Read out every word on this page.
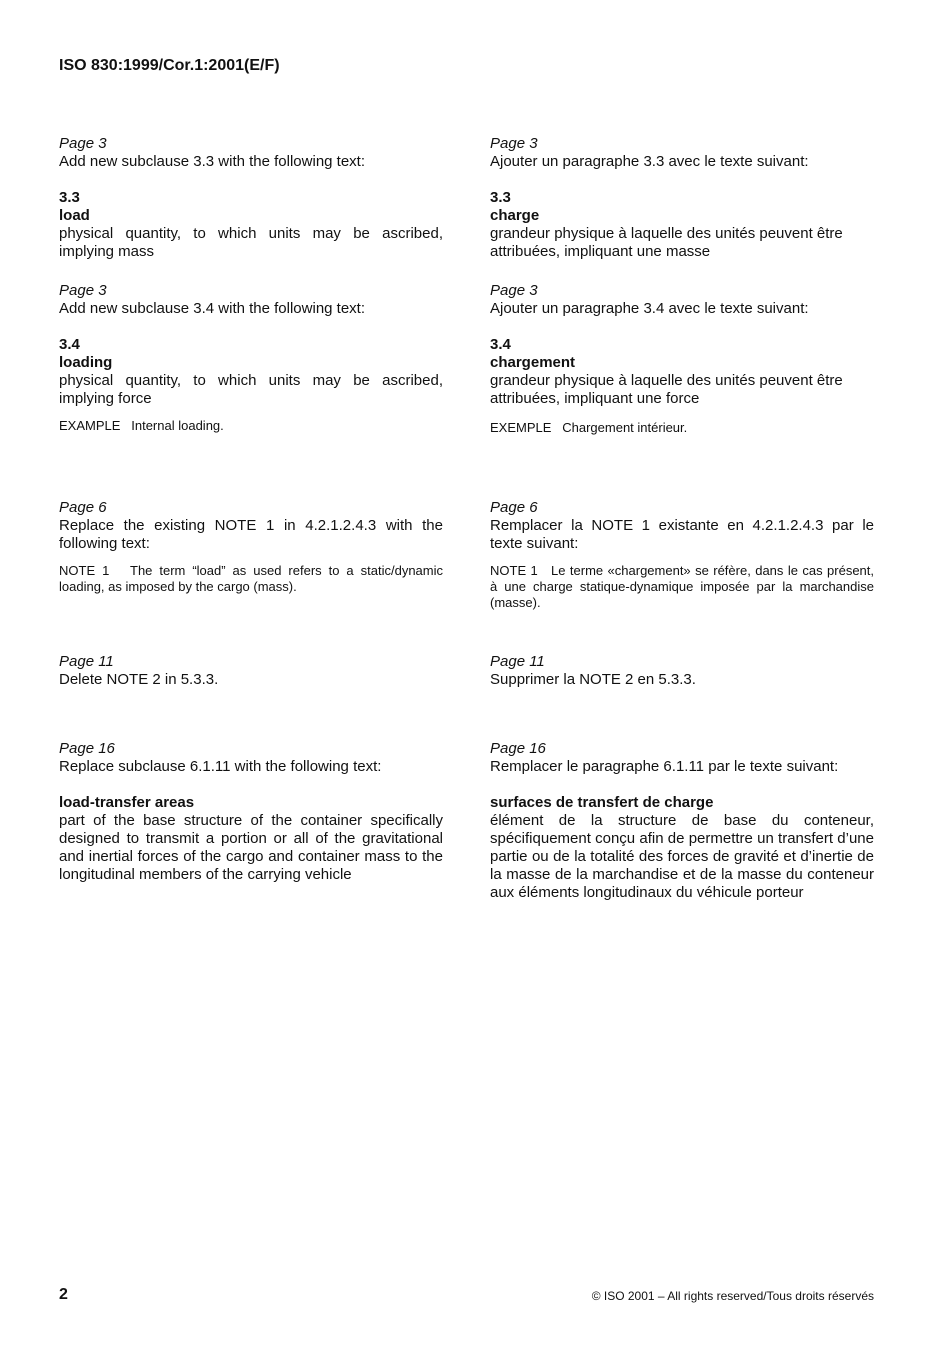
ISO 830:1999/Cor.1:2001(E/F)
Page 3
Add new subclause 3.3 with the following text:
3.3
load
physical quantity, to which units may be ascribed, implying mass
Page 3
Add new subclause 3.4 with the following text:
3.4
loading
physical quantity, to which units may be ascribed, implying force
EXAMPLE   Internal loading.
Page 6
Replace the existing NOTE 1 in 4.2.1.2.4.3 with the following text:
NOTE 1   The term “load” as used refers to a static/dynamic loading, as imposed by the cargo (mass).
Page 11
Delete NOTE 2 in 5.3.3.
Page 16
Replace subclause 6.1.11 with the following text:
load-transfer areas
part of the base structure of the container specifically designed to transmit a portion or all of the gravitational and inertial forces of the cargo and container mass to the longitudinal members of the carrying vehicle
Page 3
Ajouter un paragraphe 3.3 avec le texte suivant:
3.3
charge
grandeur physique à laquelle des unités peuvent être attribuées, impliquant une masse
Page 3
Ajouter un paragraphe 3.4 avec le texte suivant:
3.4
chargement
grandeur physique à laquelle des unités peuvent être attribuées, impliquant une force
EXEMPLE   Chargement intérieur.
Page 6
Remplacer la NOTE 1 existante en 4.2.1.2.4.3 par le texte suivant:
NOTE 1   Le terme «chargement» se réfère, dans le cas présent, à une charge statique-dynamique imposée par la marchandise (masse).
Page 11
Supprimer la NOTE 2 en 5.3.3.
Page 16
Remplacer le paragraphe 6.1.11 par le texte suivant:
surfaces de transfert de charge
élément de la structure de base du conteneur, spécifiquement conçu afin de permettre un transfert d’une partie ou de la totalité des forces de gravité et d’inertie de la masse de la marchandise et de la masse du conteneur aux éléments longitudinaux du véhicule porteur
2	© ISO 2001 – All rights reserved/Tous droits réservés
